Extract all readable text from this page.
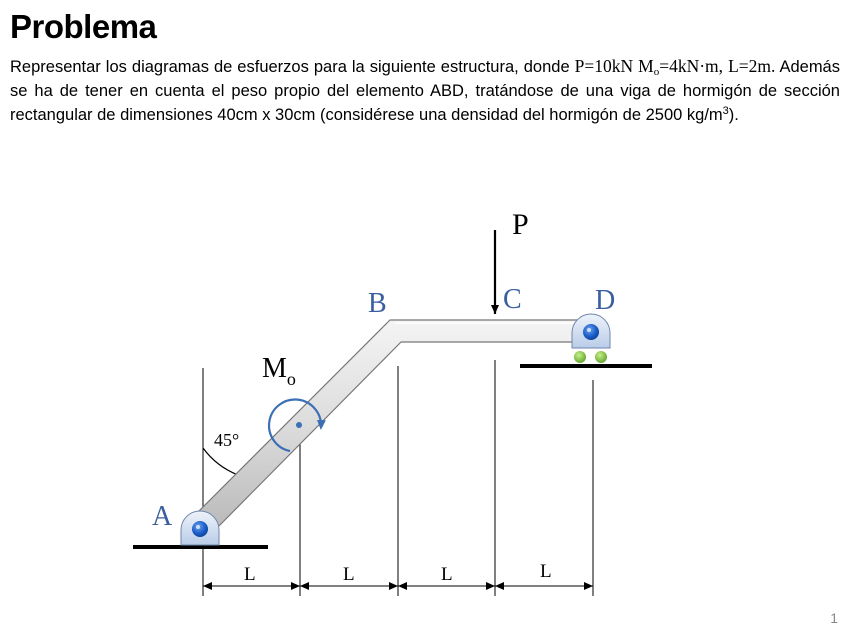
Problema

Representar los diagramas de esfuerzos para la siguiente estructura, donde P=10kN $M_o=4kN\cdot m$, L=2m. Además se ha de tener en cuenta el peso propio del elemento ABD, tratándose de una viga de hormigón de sección rectangular de dimensiones 40cm x 30cm (considérese una densidad del hormigón de 2500 $kg/m^3$).

45°
P
$M_o$
A
B	C	D
L	L	L	L
1
